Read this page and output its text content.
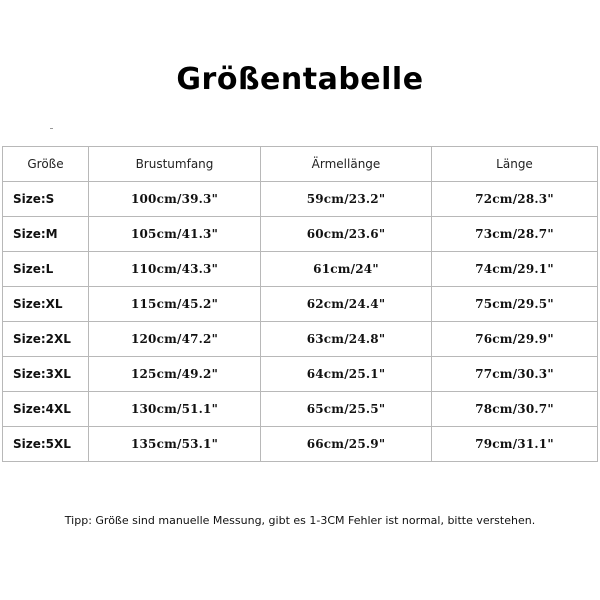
Größentabelle
Größe	Brustumfang	Ärmellänge	Länge
Size:S	100cm/39.3"	59cm/23.2"	72cm/28.3"
Size:M	105cm/41.3"	60cm/23.6"	73cm/28.7"
Size:L	110cm/43.3"	61cm/24"	74cm/29.1"
Size:XL	115cm/45.2"	62cm/24.4"	75cm/29.5"
Size:2XL	120cm/47.2"	63cm/24.8"	76cm/29.9"
Size:3XL	125cm/49.2"	64cm/25.1"	77cm/30.3"
Size:4XL	130cm/51.1"	65cm/25.5"	78cm/30.7"
Size:5XL	135cm/53.1"	66cm/25.9"	79cm/31.1"
Tipp: Größe sind manuelle Messung, gibt es 1-3CM Fehler ist normal, bitte verstehen.
